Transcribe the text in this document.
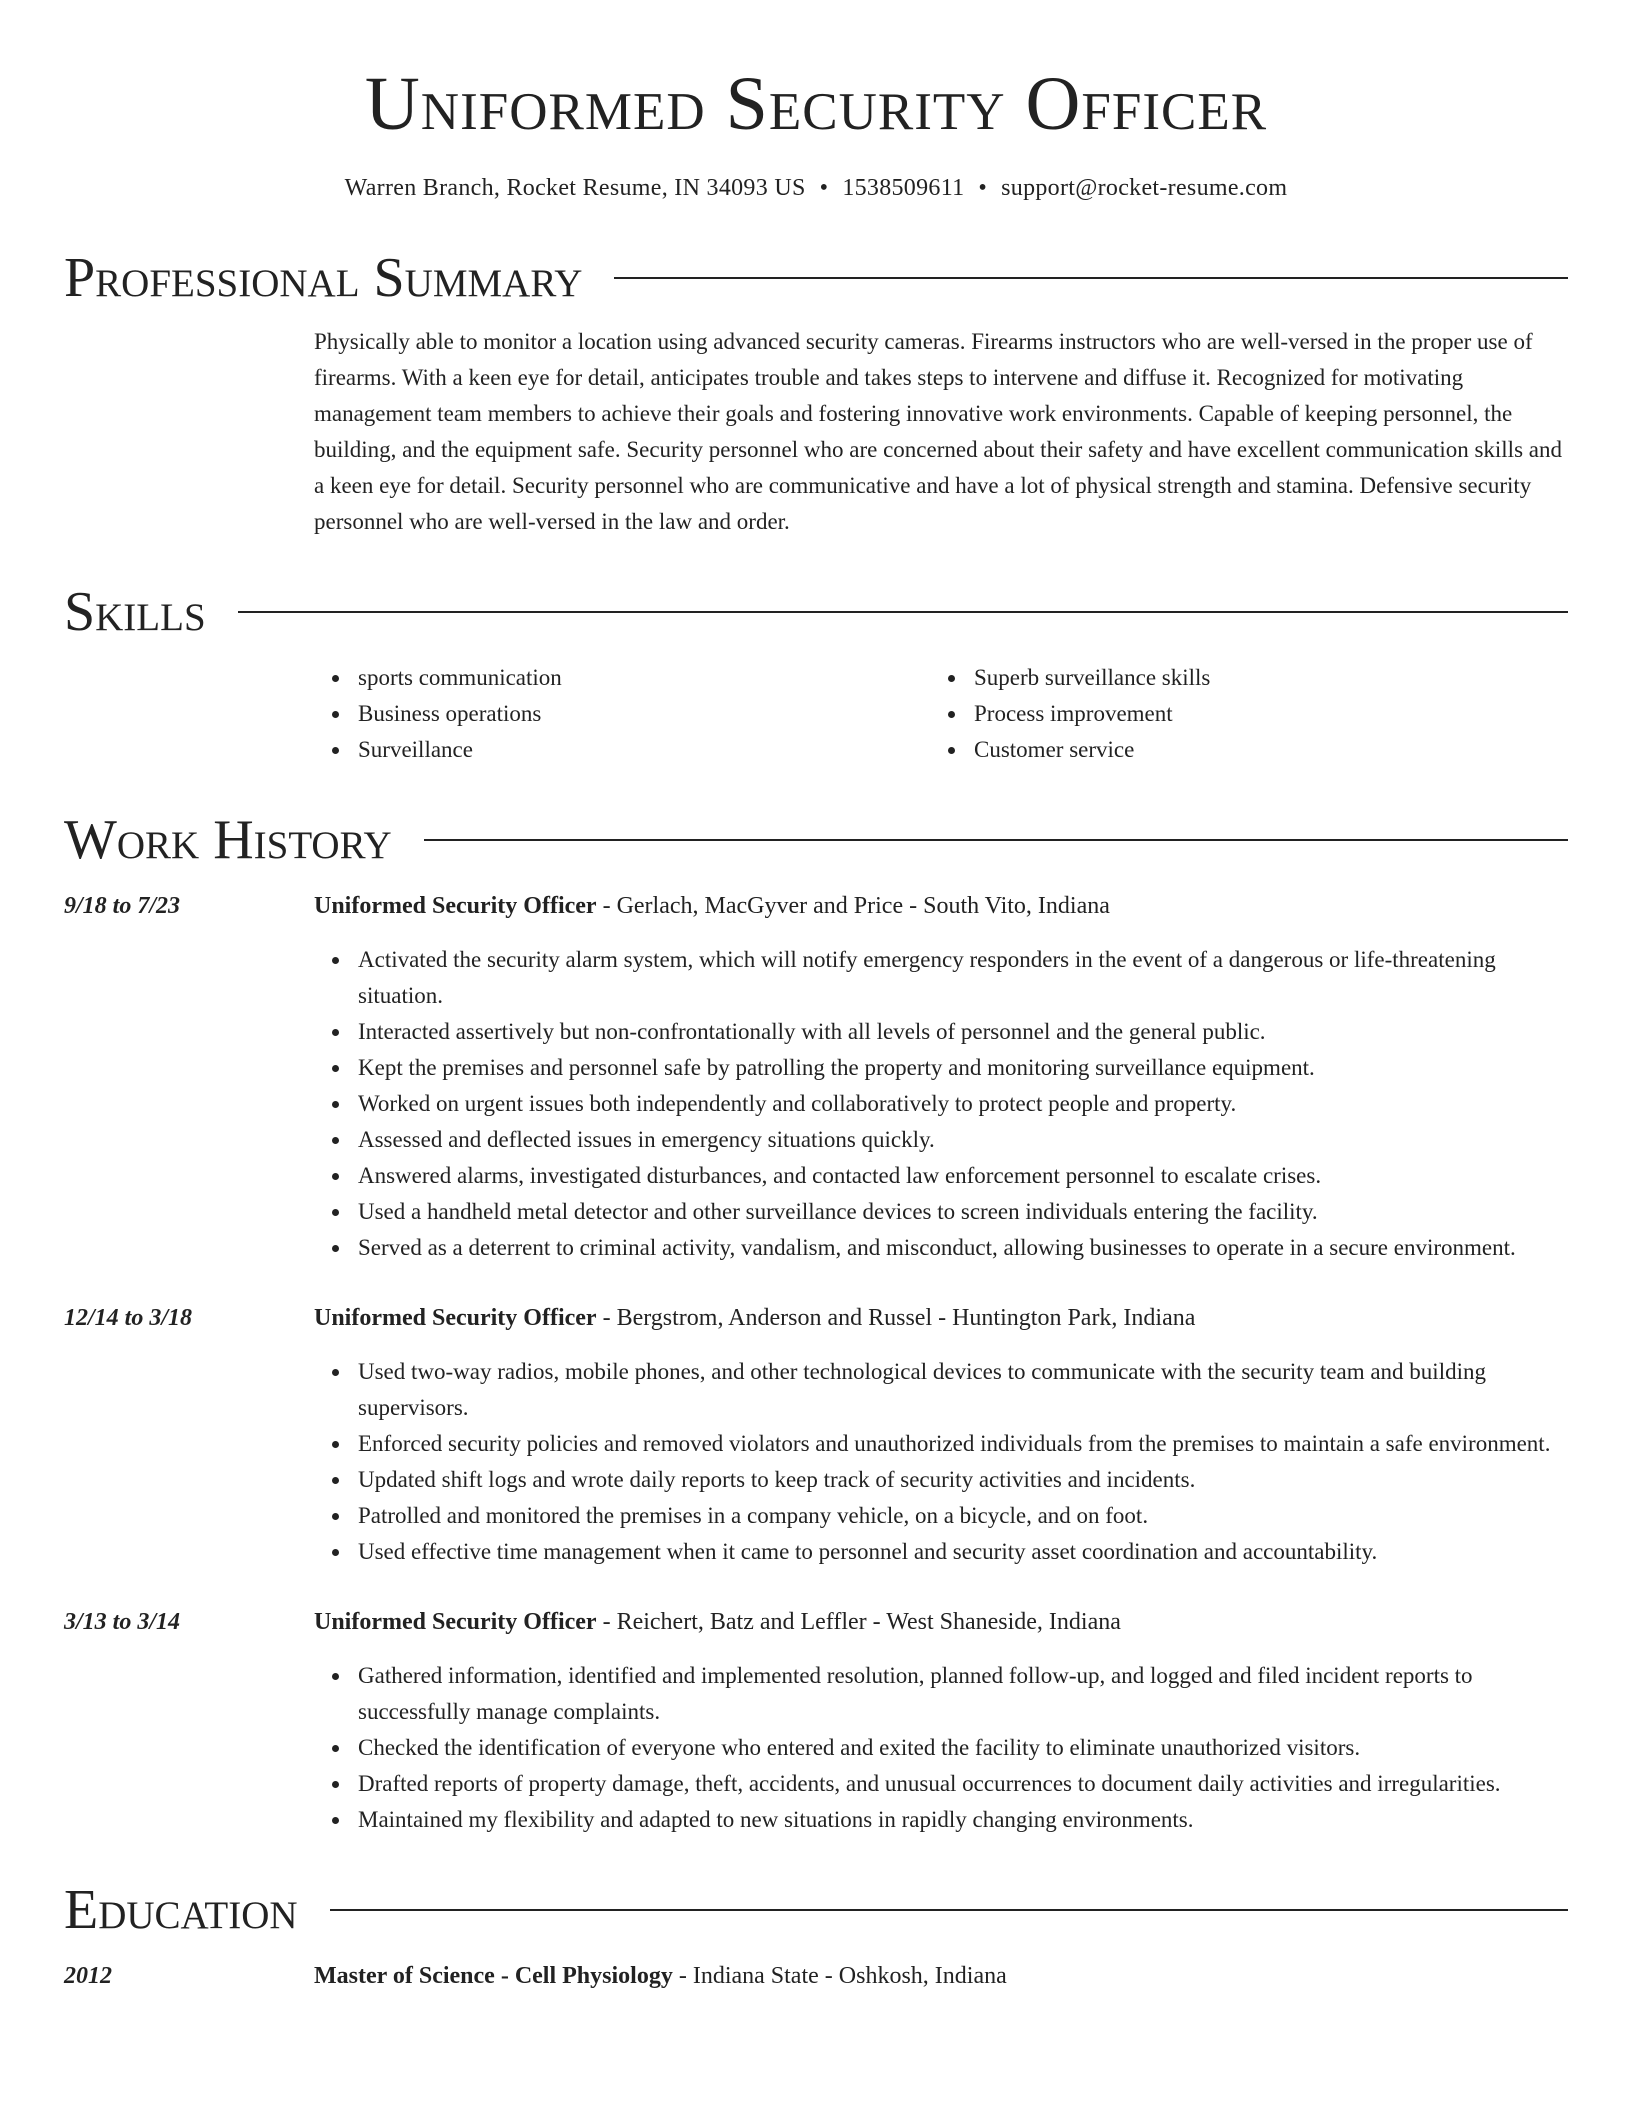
Uniformed Security Officer
Warren Branch, Rocket Resume, IN 34093 US • 1538509611 • support@rocket-resume.com
Professional Summary
Physically able to monitor a location using advanced security cameras. Firearms instructors who are well-versed in the proper use of firearms. With a keen eye for detail, anticipates trouble and takes steps to intervene and diffuse it. Recognized for motivating management team members to achieve their goals and fostering innovative work environments. Capable of keeping personnel, the building, and the equipment safe. Security personnel who are concerned about their safety and have excellent communication skills and a keen eye for detail. Security personnel who are communicative and have a lot of physical strength and stamina. Defensive security personnel who are well-versed in the law and order.
Skills
sports communication
Business operations
Surveillance
Superb surveillance skills
Process improvement
Customer service
Work History
9/18 to 7/23	Uniformed Security Officer - Gerlach, MacGyver and Price - South Vito, Indiana
Activated the security alarm system, which will notify emergency responders in the event of a dangerous or life-threatening situation.
Interacted assertively but non-confrontationally with all levels of personnel and the general public.
Kept the premises and personnel safe by patrolling the property and monitoring surveillance equipment.
Worked on urgent issues both independently and collaboratively to protect people and property.
Assessed and deflected issues in emergency situations quickly.
Answered alarms, investigated disturbances, and contacted law enforcement personnel to escalate crises.
Used a handheld metal detector and other surveillance devices to screen individuals entering the facility.
Served as a deterrent to criminal activity, vandalism, and misconduct, allowing businesses to operate in a secure environment.
12/14 to 3/18	Uniformed Security Officer - Bergstrom, Anderson and Russel - Huntington Park, Indiana
Used two-way radios, mobile phones, and other technological devices to communicate with the security team and building supervisors.
Enforced security policies and removed violators and unauthorized individuals from the premises to maintain a safe environment.
Updated shift logs and wrote daily reports to keep track of security activities and incidents.
Patrolled and monitored the premises in a company vehicle, on a bicycle, and on foot.
Used effective time management when it came to personnel and security asset coordination and accountability.
3/13 to 3/14	Uniformed Security Officer - Reichert, Batz and Leffler - West Shaneside, Indiana
Gathered information, identified and implemented resolution, planned follow-up, and logged and filed incident reports to successfully manage complaints.
Checked the identification of everyone who entered and exited the facility to eliminate unauthorized visitors.
Drafted reports of property damage, theft, accidents, and unusual occurrences to document daily activities and irregularities.
Maintained my flexibility and adapted to new situations in rapidly changing environments.
Education
2012	Master of Science - Cell Physiology - Indiana State - Oshkosh, Indiana
